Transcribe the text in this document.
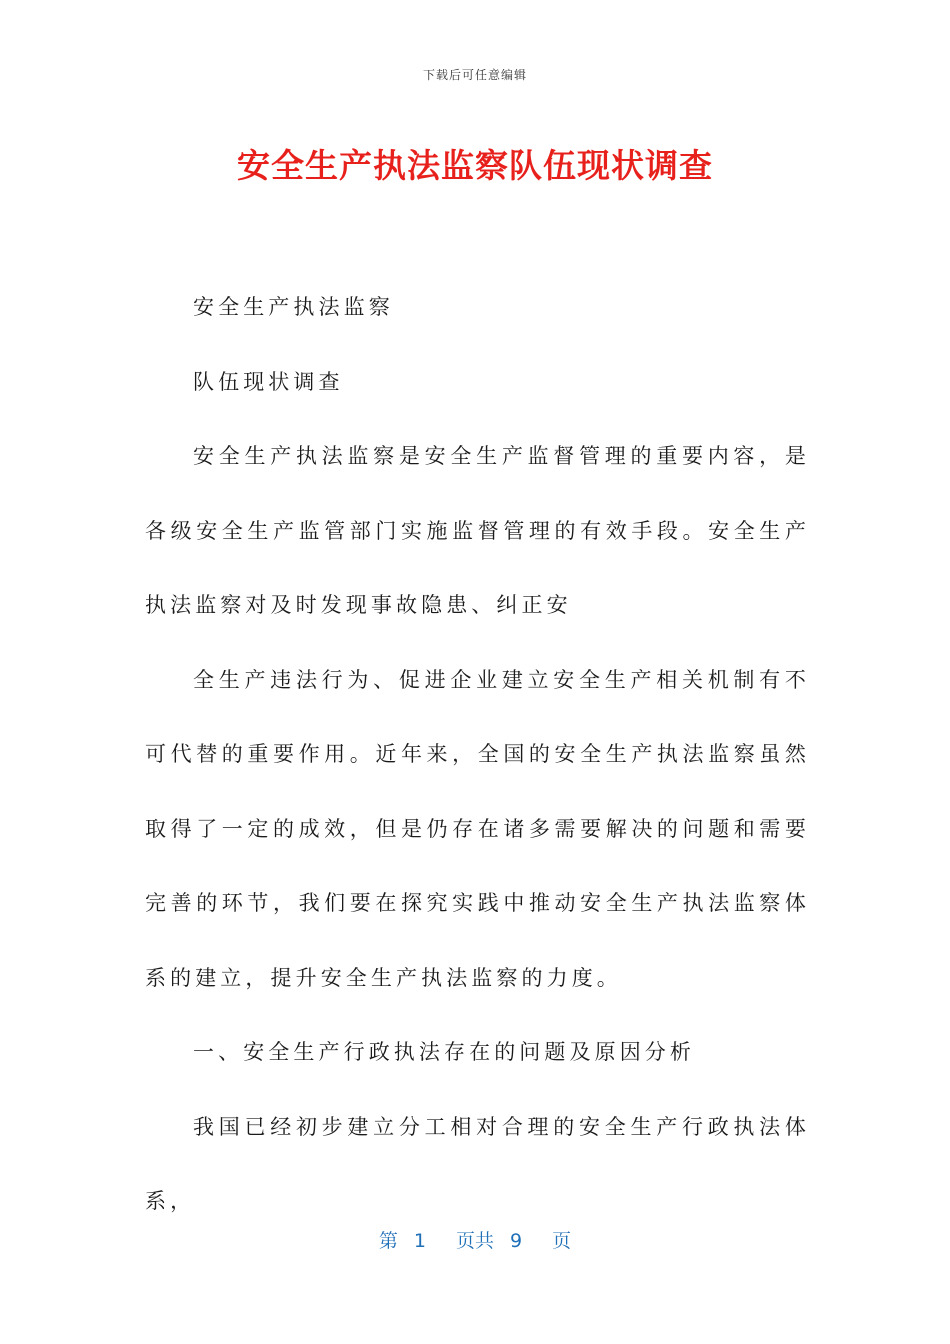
下载后可任意编辑
安全生产执法监察队伍现状调查

安全生产执法监察

队伍现状调查

安全生产执法监察是安全生产监督管理的重要内容，是各级安全生产监管部门实施监督管理的有效手段。安全生产执法监察对及时发现事故隐患、纠正安

全生产违法行为、促进企业建立安全生产相关机制有不可代替的重要作用。近年来，全国的安全生产执法监察虽然取得了一定的成效，但是仍存在诸多需要解决的问题和需要完善的环节，我们要在探究实践中推动安全生产执法监察体系的建立，提升安全生产执法监察的力度。

一、安全生产行政执法存在的问题及原因分析

我国已经初步建立分工相对合理的安全生产行政执法体系，

第 1 页共 9 页
